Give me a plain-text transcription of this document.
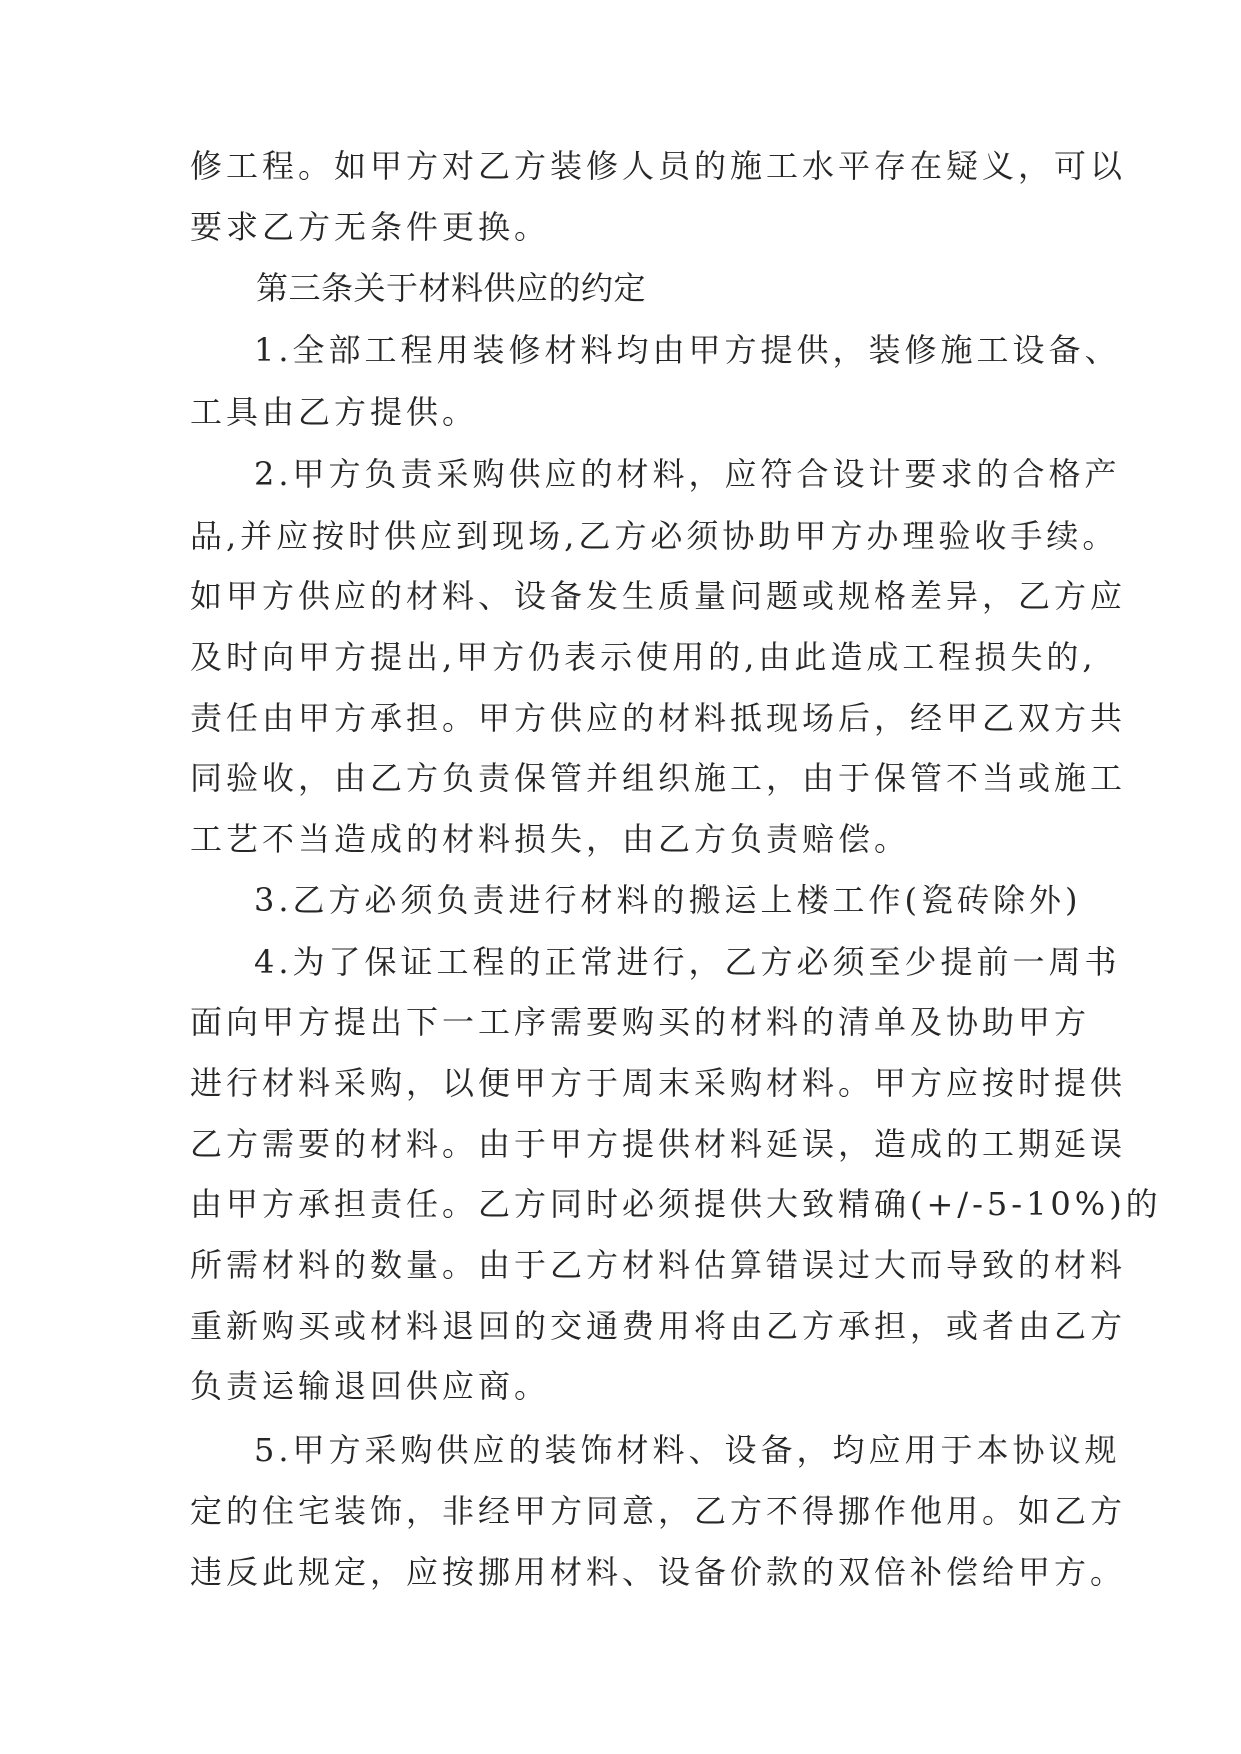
修工程。如甲方对乙方装修人员的施工水平存在疑义，可以
要求乙方无条件更换。
第三条关于材料供应的约定
1.全部工程用装修材料均由甲方提供，装修施工设备、
工具由乙方提供。
2.甲方负责采购供应的材料，应符合设计要求的合格产
品,并应按时供应到现场,乙方必须协助甲方办理验收手续。
如甲方供应的材料、设备发生质量问题或规格差异，乙方应
及时向甲方提出,甲方仍表示使用的,由此造成工程损失的,
责任由甲方承担。甲方供应的材料抵现场后，经甲乙双方共
同验收，由乙方负责保管并组织施工，由于保管不当或施工
工艺不当造成的材料损失，由乙方负责赔偿。
3.乙方必须负责进行材料的搬运上楼工作(瓷砖除外)
4.为了保证工程的正常进行，乙方必须至少提前一周书
面向甲方提出下一工序需要购买的材料的清单及协助甲方
进行材料采购，以便甲方于周末采购材料。甲方应按时提供
乙方需要的材料。由于甲方提供材料延误，造成的工期延误
由甲方承担责任。乙方同时必须提供大致精确(+/-5-10%)的
所需材料的数量。由于乙方材料估算错误过大而导致的材料
重新购买或材料退回的交通费用将由乙方承担，或者由乙方
负责运输退回供应商。
5.甲方采购供应的装饰材料、设备，均应用于本协议规
定的住宅装饰，非经甲方同意，乙方不得挪作他用。如乙方
违反此规定，应按挪用材料、设备价款的双倍补偿给甲方。
